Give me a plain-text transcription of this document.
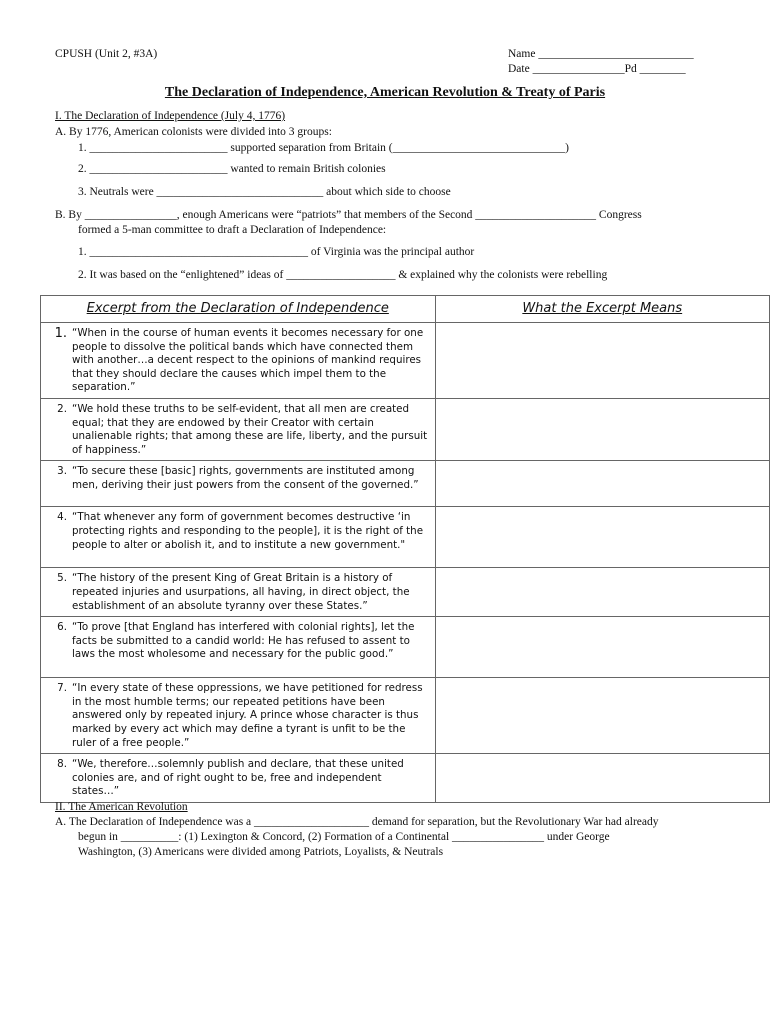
CPUSH (Unit 2, #3A)	Name ___________________________
Date ________________Pd ________
The Declaration of Independence, American Revolution & Treaty of Paris
I. The Declaration of Independence (July 4, 1776)
A. By 1776, American colonists were divided into 3 groups:
1. ________________________ supported separation from Britain (______________________________)
2. ________________________ wanted to remain British colonies
3. Neutrals were _____________________________ about which side to choose
B. By ________________, enough Americans were “patriots” that members of the Second _____________________ Congress
formed a 5-man committee to draft a Declaration of Independence:
1. ______________________________________ of Virginia was the principal author
2. It was based on the “enlightened” ideas of ___________________ & explained why the colonists were rebelling
Excerpt from the Declaration of Independence		What the Excerpt Means
1.	“When in the course of human events it becomes necessary for one people to dissolve the political bands which have connected them with another…a decent respect to the opinions of mankind requires that they should declare the causes which impel them to the separation.”	
2.	“We hold these truths to be self-evident, that all men are created equal; that they are endowed by their Creator with certain unalienable rights; that among these are life, liberty, and the pursuit of happiness.”	
3.	“To secure these [basic] rights, governments are instituted among men, deriving their just powers from the consent of the governed.”	
4.	“That whenever any form of government becomes destructive ‘in protecting rights and responding to the people], it is the right of the people to alter or abolish it, and to institute a new government."	
5.	“The history of the present King of Great Britain is a history of repeated injuries and usurpations, all having, in direct object, the establishment of an absolute tyranny over these States.”	
6.	“To prove [that England has interfered with colonial rights], let the facts be submitted to a candid world: He has refused to assent to laws the most wholesome and necessary for the public good.”	
7.	“In every state of these oppressions, we have petitioned for redress in the most humble terms; our repeated petitions have been answered only by repeated injury. A prince whose character is thus marked by every act which may define a tyrant is unfit to be the ruler of a free people.”	
8.	“We, therefore…solemnly publish and declare, that these united colonies are, and of right ought to be, free and independent states…”	
II. The American Revolution
A. The Declaration of Independence was a ____________________ demand for separation, but the Revolutionary War had already
begun in __________: (1) Lexington & Concord, (2) Formation of a Continental ________________ under George
Washington, (3) Americans were divided among Patriots, Loyalists, & Neutrals
